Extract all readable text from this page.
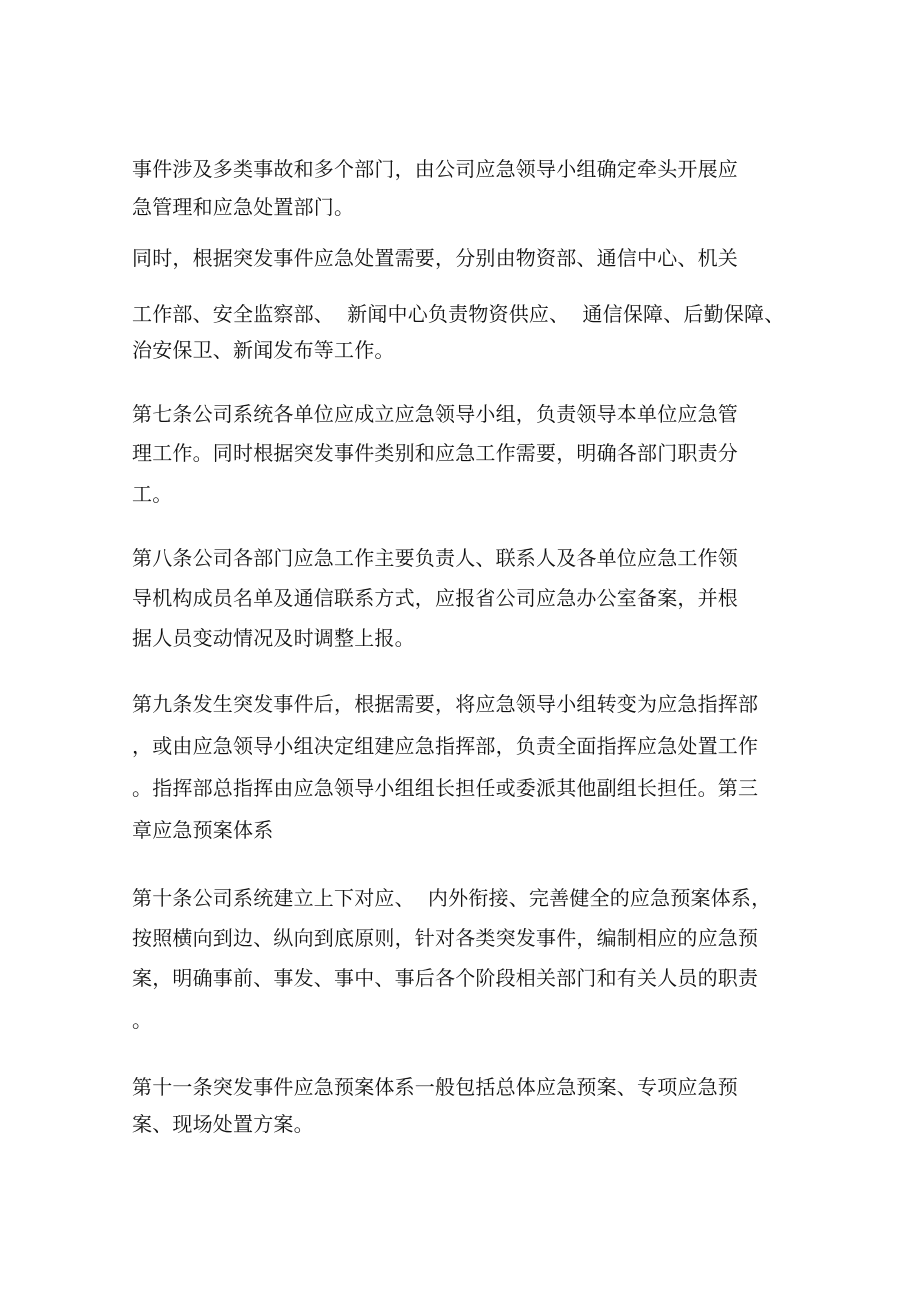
事件涉及多类事故和多个部门，由公司应急领导小组确定牵头开展应
急管理和应急处置部门。
同时，根据突发事件应急处置需要，分别由物资部、通信中心、机关
工作部、安全监察部、  新闻中心负责物资供应、  通信保障、后勤保障、
治安保卫、新闻发布等工作。
第七条公司系统各单位应成立应急领导小组，负责领导本单位应急管
理工作。同时根据突发事件类别和应急工作需要，明确各部门职责分
工。
第八条公司各部门应急工作主要负责人、联系人及各单位应急工作领
导机构成员名单及通信联系方式，应报省公司应急办公室备案，并根
据人员变动情况及时调整上报。
第九条发生突发事件后，根据需要，将应急领导小组转变为应急指挥部
，或由应急领导小组决定组建应急指挥部，负责全面指挥应急处置工作
。指挥部总指挥由应急领导小组组长担任或委派其他副组长担任。第三
章应急预案体系
第十条公司系统建立上下对应、  内外衔接、完善健全的应急预案体系，
按照横向到边、纵向到底原则，针对各类突发事件，编制相应的应急预
案，明确事前、事发、事中、事后各个阶段相关部门和有关人员的职责
。
第十一条突发事件应急预案体系一般包括总体应急预案、专项应急预
案、现场处置方案。
